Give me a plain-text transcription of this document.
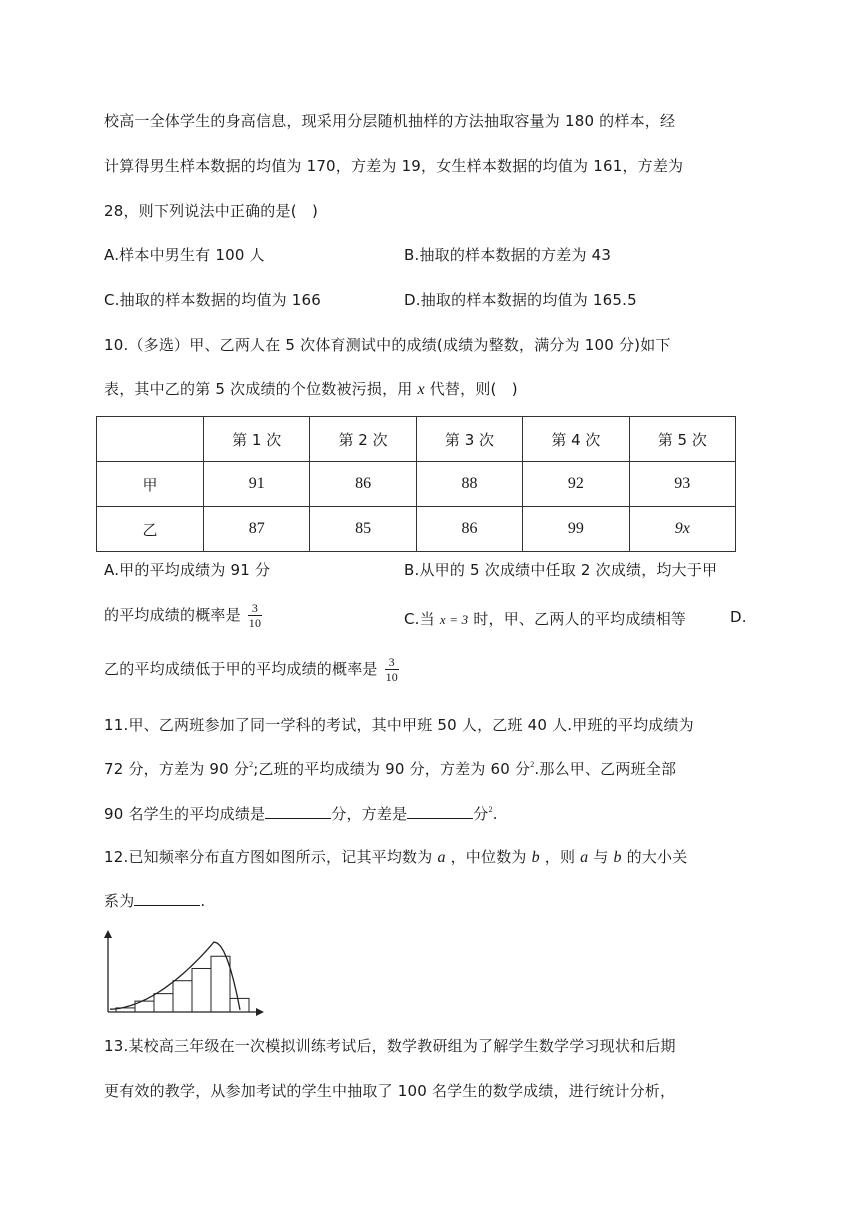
校高一全体学生的身高信息，现采用分层随机抽样的方法抽取容量为 180 的样本，经
计算得男生样本数据的均值为 170，方差为 19，女生样本数据的均值为 161，方差为
28，则下列说法中正确的是(　)
A.样本中男生有 100 人	B.抽取的样本数据的方差为 43
C.抽取的样本数据的均值为 166	D.抽取的样本数据的均值为 165.5
10.（多选）甲、乙两人在 5 次体育测试中的成绩(成绩为整数，满分为 100 分)如下
表，其中乙的第 5 次成绩的个位数被污损，用 x 代替，则(　)
	第 1 次	第 2 次	第 3 次	第 4 次	第 5 次
甲	91	86	88	92	93
乙	87	85	86	99	9x
A.甲的平均成绩为 91 分	B.从甲的 5 次成绩中任取 2 次成绩，均大于甲
的平均成绩的概率是 $\frac{3}{10}$	C.当 x = 3 时，甲、乙两人的平均成绩相等	D.
乙的平均成绩低于甲的平均成绩的概率是 $\frac{3}{10}$
11.甲、乙两班参加了同一学科的考试，其中甲班 50 人，乙班 40 人.甲班的平均成绩为
72 分，方差为 90 分$^2$;乙班的平均成绩为 90 分，方差为 60 分$^2$.那么甲、乙两班全部
90 名学生的平均成绩是	分，方差是	分$^2$.
12.已知频率分布直方图如图所示，记其平均数为 a ，中位数为 b ，则 a 与 b 的大小关
系为	.
13.某校高三年级在一次模拟训练考试后，数学教研组为了解学生数学学习现状和后期
更有效的教学，从参加考试的学生中抽取了 100 名学生的数学成绩，进行统计分析，
